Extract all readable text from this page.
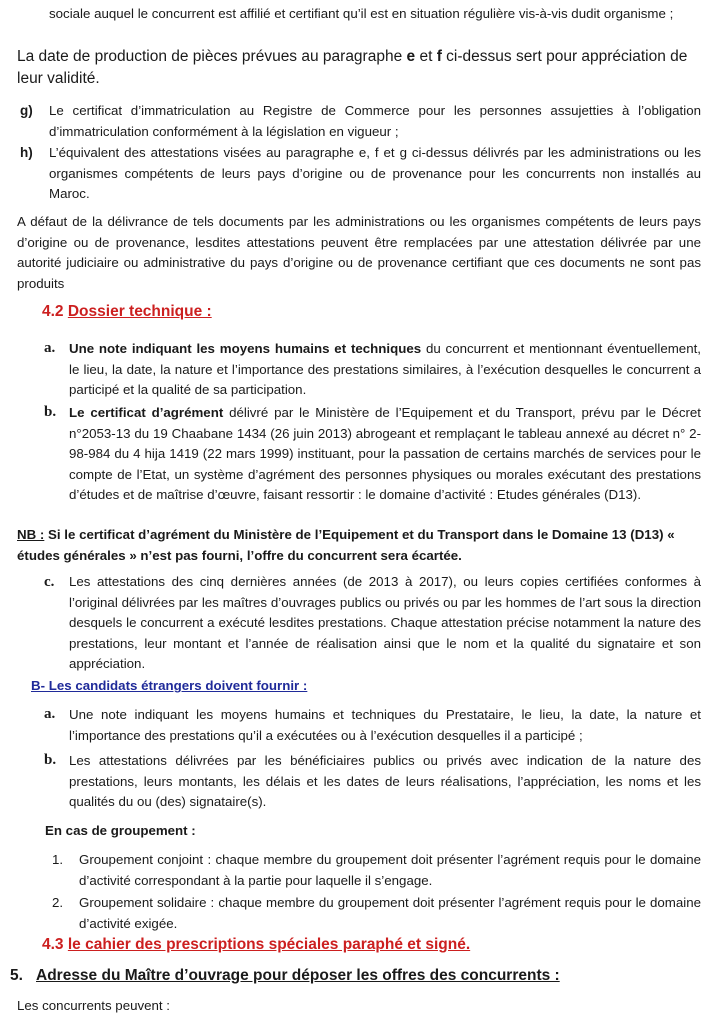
sociale auquel le concurrent est affilié et certifiant qu’il est en situation régulière vis-à-vis dudit organisme ;
La date de production de pièces prévues au paragraphe e et f ci-dessus sert pour appréciation de leur validité.
g) Le certificat d’immatriculation au Registre de Commerce pour les personnes assujetties à l’obligation d’immatriculation conformément à la législation en vigueur ;
h) L’équivalent des attestations visées au paragraphe e, f et g ci-dessus délivrés par les administrations ou les organismes compétents de leurs pays d’origine ou de provenance pour les concurrents non installés au Maroc.
A défaut de la délivrance de tels documents par les administrations ou les organismes compétents de leurs pays d’origine ou de provenance, lesdites attestations peuvent être remplacées par une attestation délivrée par une autorité judiciaire ou administrative du pays d’origine ou de provenance certifiant que ces documents ne sont pas produits
4.2 Dossier technique :
a. Une note indiquant les moyens humains et techniques du concurrent et mentionnant éventuellement, le lieu, la date, la nature et l’importance des prestations similaires, à l’exécution desquelles le concurrent a participé et la qualité de sa participation.
b. Le certificat d’agrément délivré par le Ministère de l’Equipement et du Transport, prévu par le Décret n°2053-13 du 19 Chaabane 1434 (26 juin 2013) abrogeant et remplaçant le tableau annexé au décret n° 2-98-984 du 4 hija 1419 (22 mars 1999) instituant, pour la passation de certains marchés de services pour le compte de l’Etat, un système d’agrément des personnes physiques ou morales exécutant des prestations d’études et de maîtrise d’œuvre, faisant ressortir : le domaine d’activité : Etudes générales (D13).
NB : Si le certificat d’agrément du Ministère de l’Equipement et du Transport dans le Domaine 13 (D13) « études générales » n’est pas fourni, l’offre du concurrent sera écartée.
c. Les attestations des cinq dernières années (de 2013 à 2017), ou leurs copies certifiées conformes à l’original délivrées par les maîtres d’ouvrages publics ou privés ou par les hommes de l’art sous la direction desquels le concurrent a exécuté lesdites prestations. Chaque attestation précise notamment la nature des prestations, leur montant et l’année de réalisation ainsi que le nom et la qualité du signataire et son appréciation.
B- Les candidats étrangers doivent fournir :
a. Une note indiquant les moyens humains et techniques du Prestataire, le lieu, la date, la nature et l’importance des prestations qu’il a exécutées ou à l’exécution desquelles il a participé ;
b. Les attestations délivrées par les bénéficiaires publics ou privés avec indication de la nature des prestations, leurs montants, les délais et les dates de leurs réalisations, l’appréciation, les noms et les qualités du ou (des) signataire(s).
En cas de groupement :
1. Groupement conjoint : chaque membre du groupement doit présenter l’agrément requis pour le domaine d’activité correspondant à la partie pour laquelle il s’engage.
2. Groupement solidaire : chaque membre du groupement doit présenter l’agrément requis pour le domaine d’activité exigée.
4.3 le cahier des prescriptions spéciales paraphé et signé.
5. Adresse du Maître d’ouvrage pour déposer les offres des concurrents :
Les concurrents peuvent :
